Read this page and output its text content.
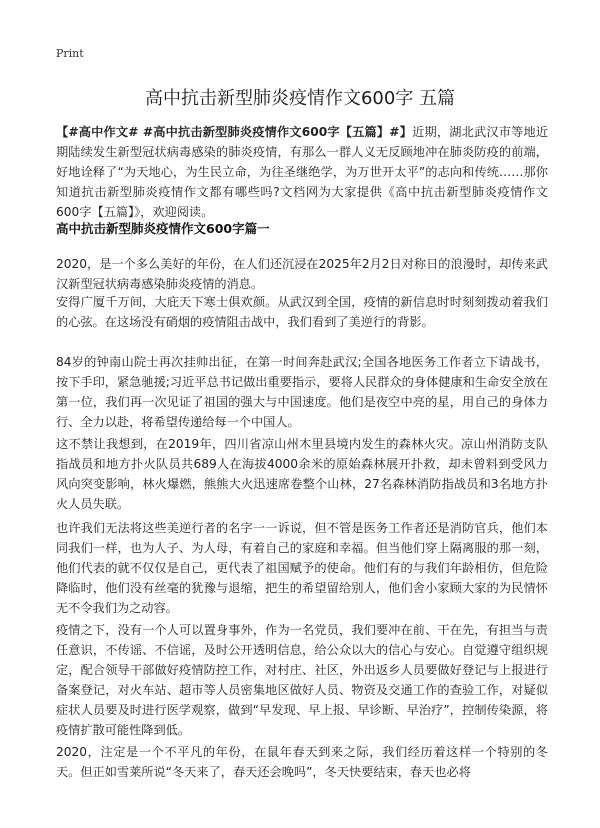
Print
高中抗击新型肺炎疫情作文600字 五篇

【#高中作文# #高中抗击新型肺炎疫情作文600字【五篇】#】近期，湖北武汉市等地近期陆续发生新型冠状病毒感染的肺炎疫情，有那么一群人义无反顾地冲在肺炎防疫的前端，好地诠释了“为天地心，为生民立命，为往圣继绝学，为万世开太平”的志向和传统……那你知道抗击新型肺炎疫情作文都有哪些吗?文档网为大家提供《高中抗击新型肺炎疫情作文600字【五篇】》，欢迎阅读。

高中抗击新型肺炎疫情作文600字篇一

2020，是一个多么美好的年份，在人们还沉浸在2025年2月2日对称日的浪漫时，却传来武汉新型冠状病毒感染肺炎疫情的消息。

安得广厦千万间，大庇天下寒士俱欢颜。从武汉到全国，疫情的新信息时时刻刻拨动着我们的心弦。在这场没有硝烟的疫情阻击战中，我们看到了美逆行的背影。

84岁的钟南山院士再次挂帅出征，在第一时间奔赴武汉;全国各地医务工作者立下请战书，按下手印，紧急驰援;习近平总书记做出重要指示，要将人民群众的身体健康和生命安全放在第一位，我们再一次见证了祖国的强大与中国速度。他们是夜空中亮的星，用自己的身体力行、全力以赴，将希望传递给每一个中国人。

这不禁让我想到，在2019年，四川省凉山州木里县境内发生的森林火灾。凉山州消防支队指战员和地方扑火队员共689人在海拔4000余米的原始森林展开扑救，却未曾料到受风力风向突变影响，林火爆燃，熊熊大火迅速席卷整个山林，27名森林消防指战员和3名地方扑火人员失联。

也许我们无法将这些美逆行者的名字一一诉说，但不管是医务工作者还是消防官兵，他们本同我们一样，也为人子、为人母，有着自己的家庭和幸福。但当他们穿上隔离服的那一刻，他们代表的就不仅仅是自己，更代表了祖国赋予的使命。他们有的与我们年龄相仿，但危险降临时，他们没有丝毫的犹豫与退缩，把生的希望留给别人，他们舍小家顾大家的为民情怀无不令我们为之动容。

疫情之下，没有一个人可以置身事外，作为一名党员，我们要冲在前、干在先，有担当与责任意识，不传谣、不信谣，及时公开透明信息，给公众以大的信心与安心。自觉遵守组织规定，配合领导干部做好疫情防控工作，对村庄、社区，外出返乡人员要做好登记与上报进行备案登记，对火车站、超市等人员密集地区做好人员、物资及交通工作的查验工作，对疑似症状人员要及时进行医学观察，做到“早发现、早上报、早诊断、早治疗”，控制传染源，将疫情扩散可能性降到低。

2020，注定是一个不平凡的年份，在鼠年春天到来之际，我们经历着这样一个特别的冬天。但正如雪莱所说“冬天来了，春天还会晚吗”，冬天快要结束，春天也必将
